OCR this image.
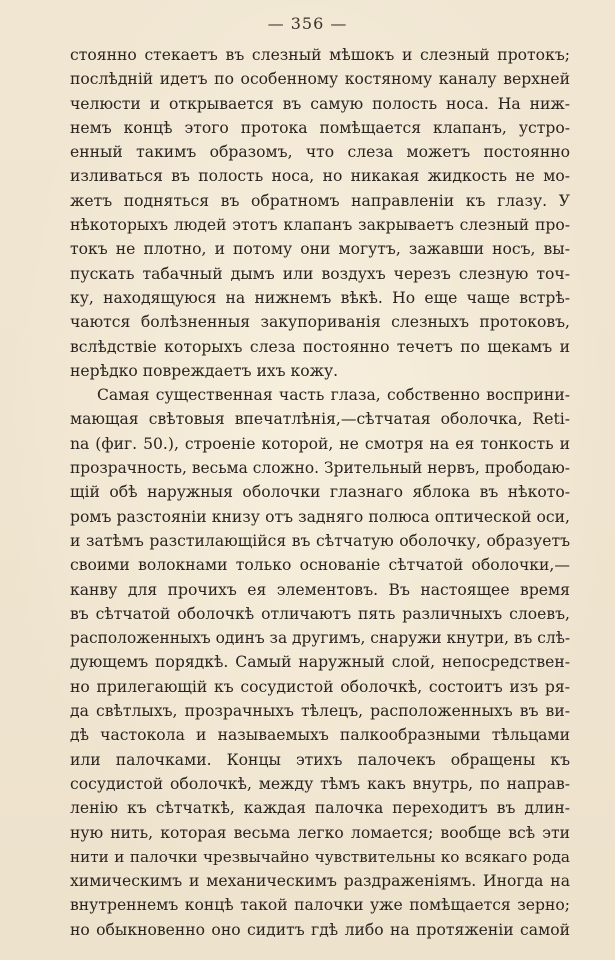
— 356 —
стоянно стекаетъ въ слезный мѣшокъ и слезный протокъ;
послѣдній идетъ по особенному костяному каналу верхней
челюсти и открывается въ самую полость носа. На ниж-
немъ концѣ этого протока помѣщается клапанъ, устро-
енный такимъ образомъ, что слеза можетъ постоянно
изливаться въ полость носа, но никакая жидкость не мо-
жетъ подняться въ обратномъ направленіи къ глазу. У
нѣкоторыхъ людей этотъ клапанъ закрываетъ слезный про-
токъ не плотно, и потому они могутъ, зажавши носъ, вы-
пускать табачный дымъ или воздухъ черезъ слезную точ-
ку, находящуюся на нижнемъ вѣкѣ. Но еще чаще встрѣ-
чаются болѣзненныя закупориванія слезныхъ протоковъ,
вслѣдствіе которыхъ слеза постоянно течетъ по щекамъ и
нерѣдко повреждаетъ ихъ кожу.
Самая существенная часть глаза, собственно восприни-
мающая свѣтовыя впечатлѣнія,—сѣтчатая оболочка, Retі-
na (фиг. 50.), строеніе которой, не смотря на ея тонкость и
прозрачность, весьма сложно. Зрительный нервъ, прободаю-
щій обѣ наружныя оболочки глазнаго яблока въ нѣкото-
ромъ разстояніи книзу отъ задняго полюса оптической оси,
и затѣмъ разстилающійся въ сѣтчатую оболочку, образуетъ
своими волокнами только основаніе сѣтчатой оболочки,—
канву для прочихъ ея элементовъ. Въ настоящее время
въ сѣтчатой оболочкѣ отличаютъ пять различныхъ слоевъ,
расположенныхъ одинъ за другимъ, снаружи кнутри, въ слѣ-
дующемъ порядкѣ. Самый наружный слой, непосредствен-
но прилегающій къ сосудистой оболочкѣ, состоитъ изъ ря-
да свѣтлыхъ, прозрачныхъ тѣлецъ, расположенныхъ въ ви-
дѣ частокола и называемыхъ палкообразными тѣльцами
или палочками. Концы этихъ палочекъ обращены къ
сосудистой оболочкѣ, между тѣмъ какъ внутрь, по направ-
ленію къ сѣтчаткѣ, каждая палочка переходитъ въ длин-
ную нить, которая весьма легко ломается; вообще всѣ эти
нити и палочки чрезвычайно чувствительны ко всякаго рода
химическимъ и механическимъ раздраженіямъ. Иногда на
внутреннемъ концѣ такой палочки уже помѣщается зерно;
но обыкновенно оно сидитъ гдѣ либо на протяженіи самой
